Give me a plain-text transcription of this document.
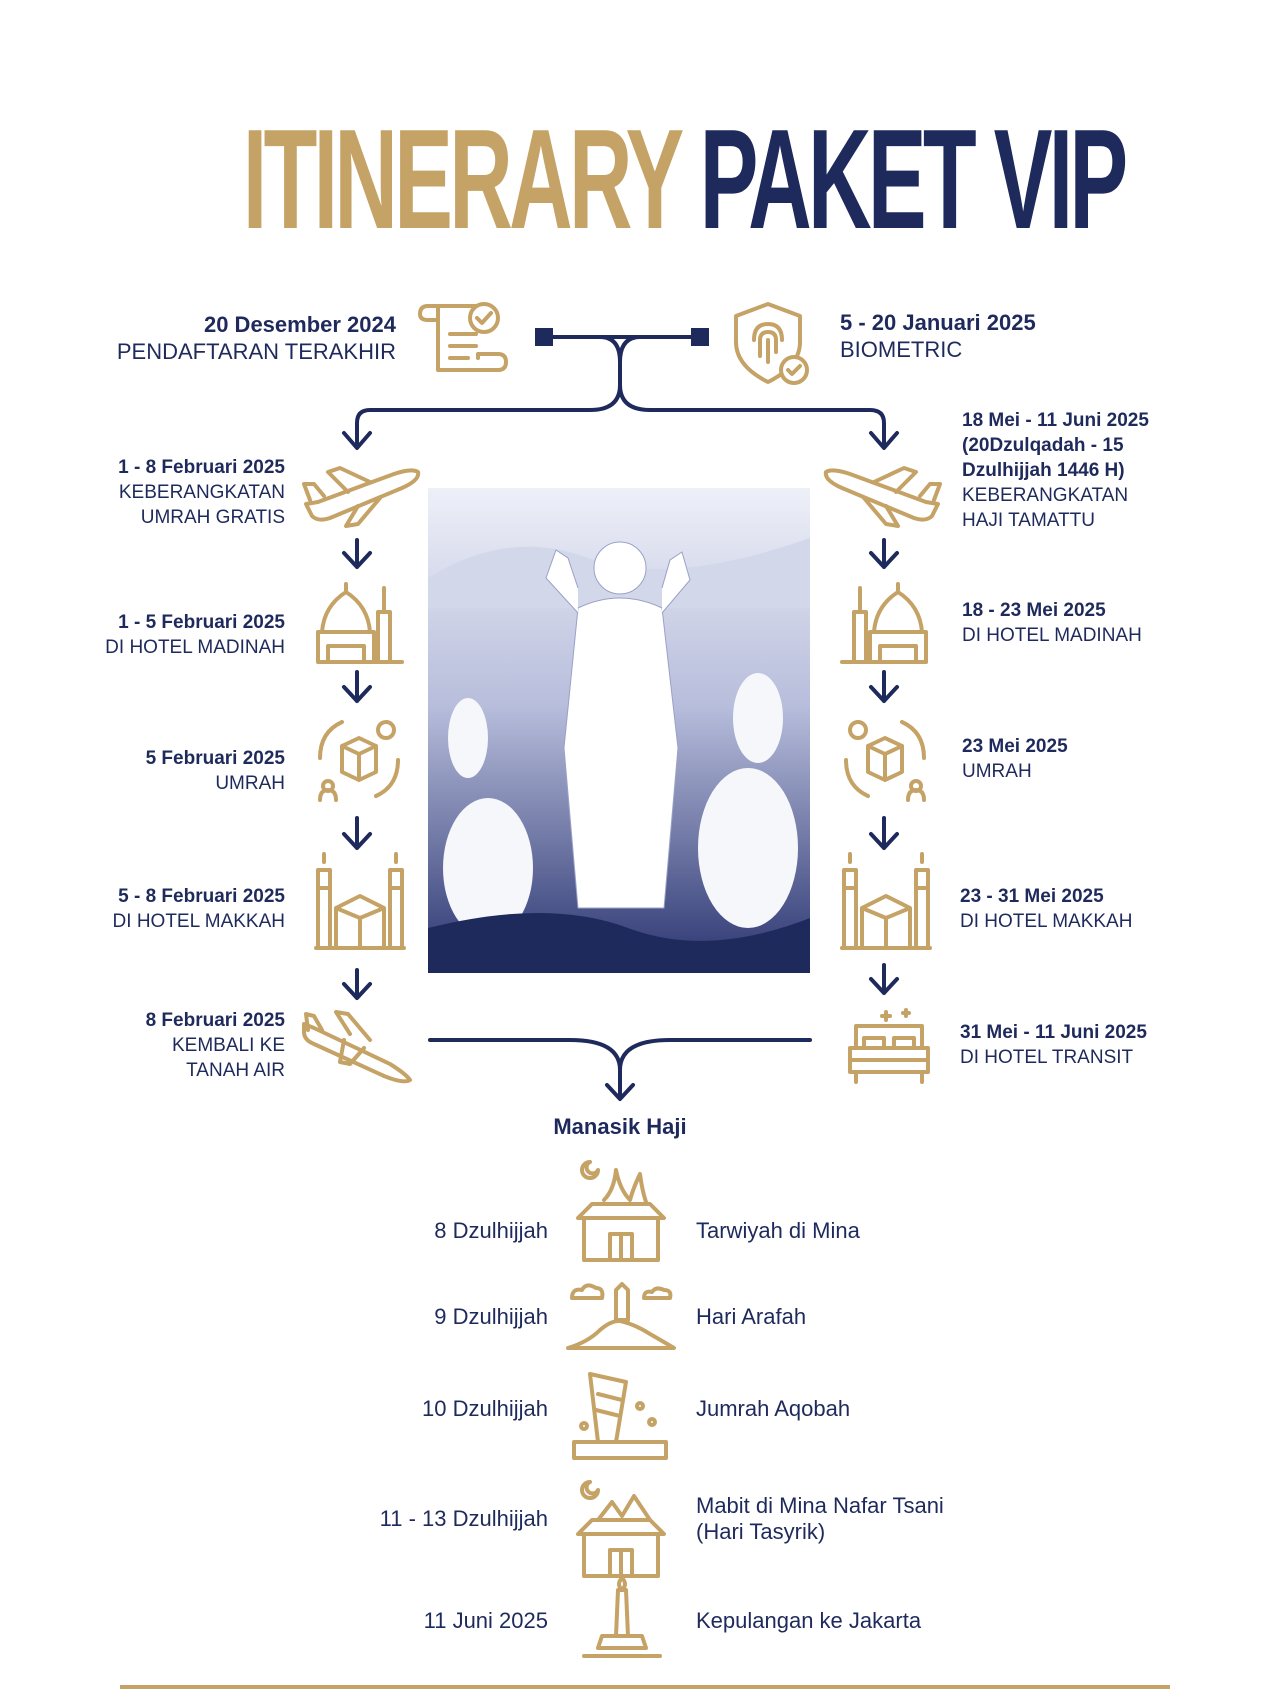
ITINERARY PAKET VIP
20 Desember 2024
PENDAFTARAN TERAKHIR
5 - 20 Januari 2025
BIOMETRIC
1 - 8 Februari 2025
KEBERANGKATAN
UMRAH GRATIS
1 - 5 Februari 2025
DI HOTEL MADINAH
5 Februari 2025
UMRAH
5 - 8 Februari 2025
DI HOTEL MAKKAH
8 Februari 2025
KEMBALI KE
TANAH AIR
18 Mei - 11 Juni 2025
(20Dzulqadah - 15
Dzulhijjah 1446 H)
KEBERANGKATAN
HAJI TAMATTU
18 - 23 Mei 2025
DI HOTEL MADINAH
23 Mei 2025
UMRAH
23 - 31 Mei 2025
DI HOTEL MAKKAH
31 Mei - 11 Juni 2025
DI HOTEL TRANSIT
Manasik Haji
8 Dzulhijjah	Tarwiyah di Mina
9 Dzulhijjah	Hari Arafah
10 Dzulhijjah	Jumrah Aqobah
11 - 13 Dzulhijjah
Mabit di Mina Nafar Tsani
(Hari Tasyrik)
11 Juni 2025	Kepulangan ke Jakarta
